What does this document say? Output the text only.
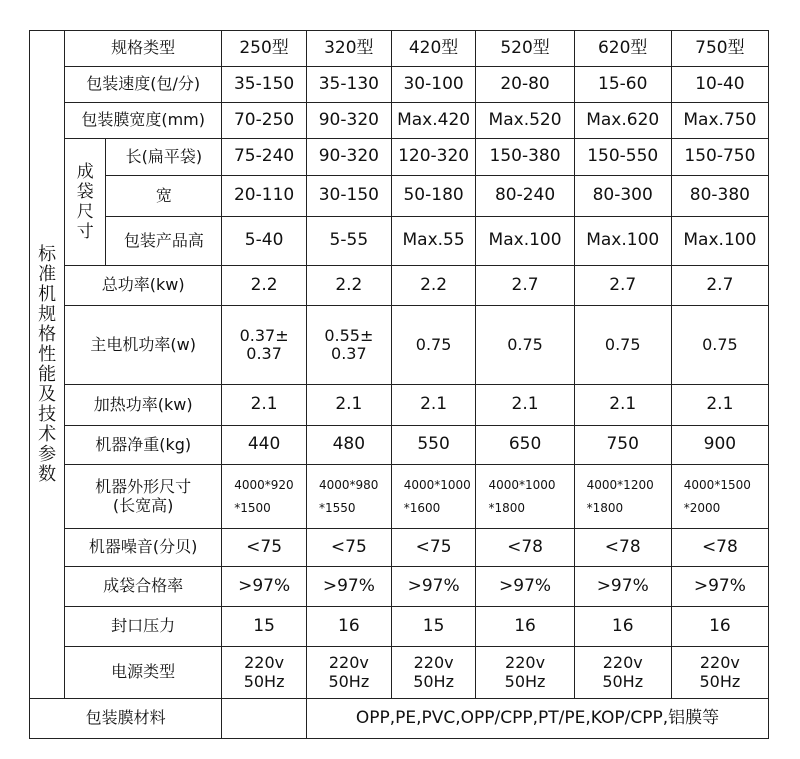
标准机规格性能及技术参数	规格类型		250型	320型	420型	520型	620型	750型
	包装速度(包/分)		35-150	35-130	30-100	20-80	15-60	10-40
	包装膜宽度(mm)		70-250	90-320	Max.420	Max.520	Max.620	Max.750
	成袋尺寸	长(扁平袋)	75-240	90-320	120-320	150-380	150-550	150-750
		宽	20-110	30-150	50-180	80-240	80-300	80-380
		包装产品高	5-40	5-55	Max.55	Max.100	Max.100	Max.100
	总功率(kw)		2.2	2.2	2.2	2.7	2.7	2.7
	主电机功率(w)		0.37±
0.37	0.55±
0.37	0.75	0.75	0.75	0.75
	加热功率(kw)		2.1	2.1	2.1	2.1	2.1	2.1
	机器净重(kg)		440	480	550	650	750	900
	机器外形尺寸
(长宽高)		4000*920
*1500	4000*980
*1550	4000*1000
*1600	4000*1000
*1800	4000*1200
*1800	4000*1500
*2000
	机器噪音(分贝)		<75	<75	<75	<78	<78	<78
	成袋合格率		>97%	>97%	>97%	>97%	>97%	>97%
	封口压力		15	16	15	16	16	16
	电源类型		220v
50Hz	220v
50Hz	220v
50Hz	220v
50Hz	220v
50Hz	220v
50Hz
包装膜材料				OPP,PE,PVC,OPP/CPP,PT/PE,KOP/CPP,铝膜等				
